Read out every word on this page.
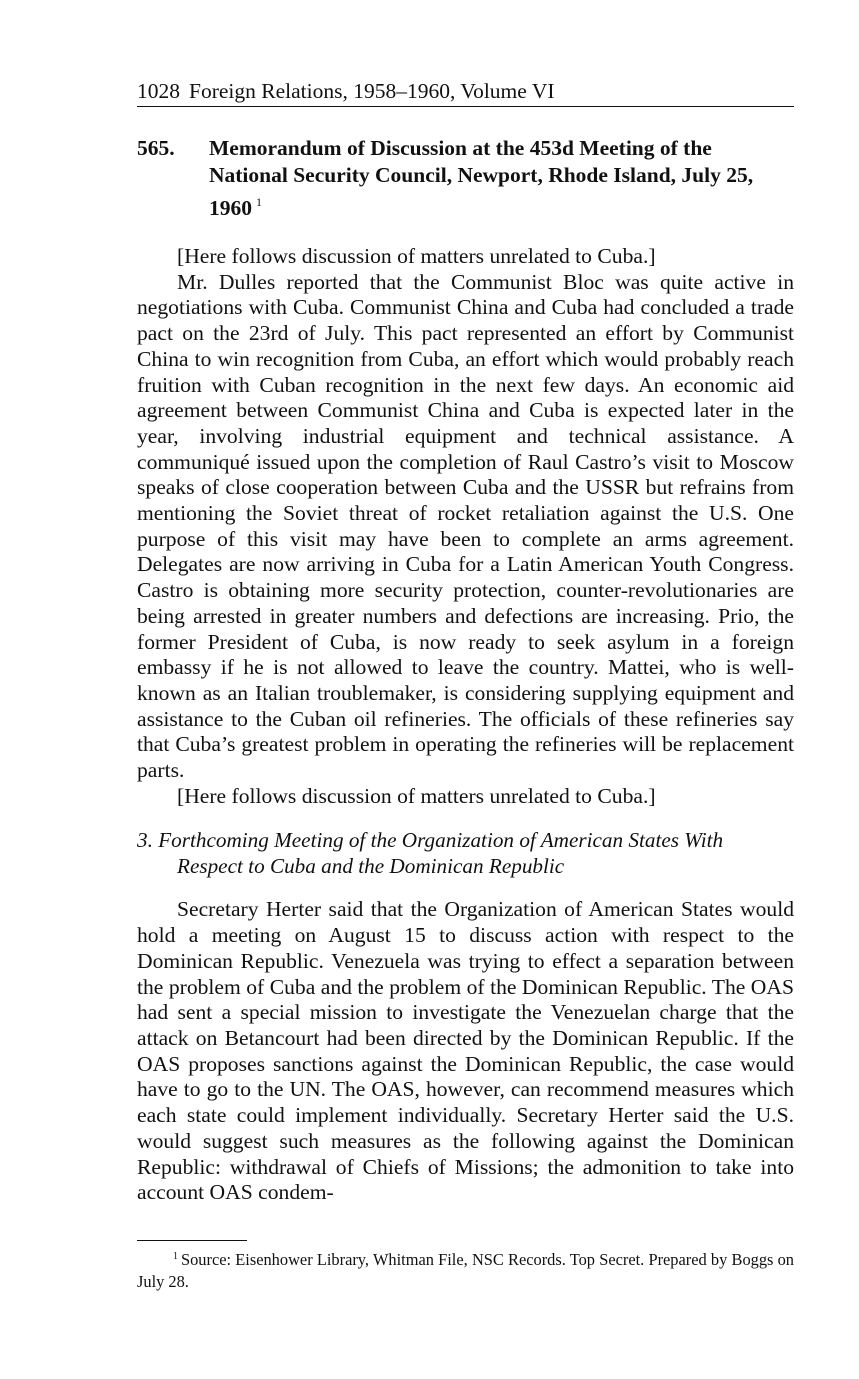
1028 Foreign Relations, 1958–1960, Volume VI
565. Memorandum of Discussion at the 453d Meeting of the National Security Council, Newport, Rhode Island, July 25, 1960 $^1$

[Here follows discussion of matters unrelated to Cuba.]

Mr. Dulles reported that the Communist Bloc was quite active in negotiations with Cuba. Communist China and Cuba had concluded a trade pact on the 23rd of July. This pact represented an effort by Communist China to win recognition from Cuba, an effort which would probably reach fruition with Cuban recognition in the next few days. An economic aid agreement between Communist China and Cuba is expected later in the year, involving industrial equipment and technical assistance. A communiqué issued upon the completion of Raul Castro’s visit to Moscow speaks of close cooperation between Cuba and the USSR but refrains from mentioning the Soviet threat of rocket retaliation against the U.S. One purpose of this visit may have been to complete an arms agreement. Delegates are now arriving in Cuba for a Latin American Youth Congress. Castro is obtaining more security protection, counter-revolutionaries are being arrested in greater numbers and defections are increasing. Prio, the former President of Cuba, is now ready to seek asylum in a foreign embassy if he is not allowed to leave the country. Mattei, who is well-known as an Italian troublemaker, is considering supplying equipment and assistance to the Cuban oil refineries. The officials of these refineries say that Cuba’s greatest problem in operating the refineries will be replacement parts.

[Here follows discussion of matters unrelated to Cuba.]

3. Forthcoming Meeting of the Organization of American States With Respect to Cuba and the Dominican Republic

Secretary Herter said that the Organization of American States would hold a meeting on August 15 to discuss action with respect to the Dominican Republic. Venezuela was trying to effect a separation between the problem of Cuba and the problem of the Dominican Republic. The OAS had sent a special mission to investigate the Venezuelan charge that the attack on Betancourt had been directed by the Dominican Republic. If the OAS proposes sanctions against the Dominican Republic, the case would have to go to the UN. The OAS, however, can recommend measures which each state could implement individually. Secretary Herter said the U.S. would suggest such measures as the following against the Dominican Republic: withdrawal of Chiefs of Missions; the admonition to take into account OAS condem-

$^1$ Source: Eisenhower Library, Whitman File, NSC Records. Top Secret. Prepared by Boggs on July 28.
